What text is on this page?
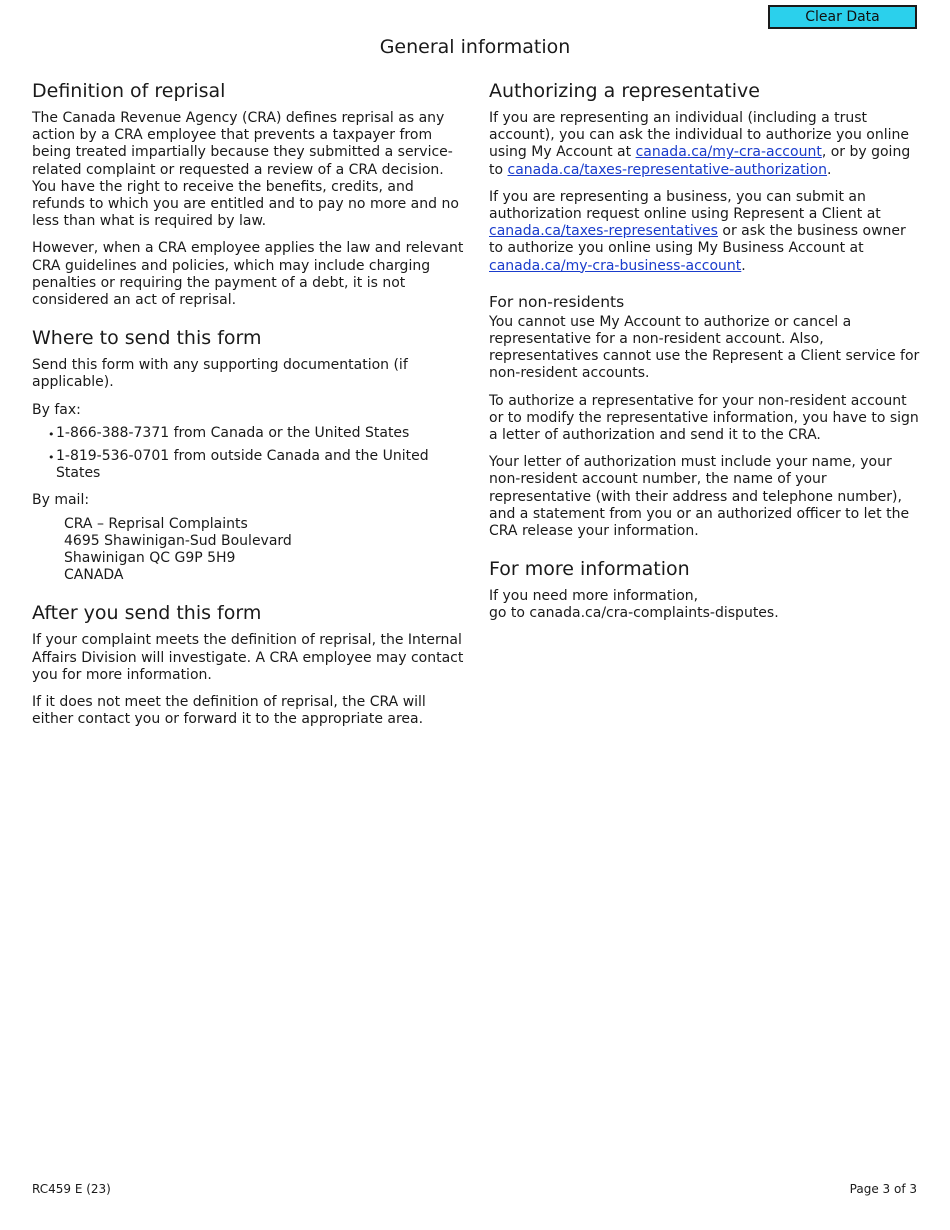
Clear Data
General information
Definition of reprisal

The Canada Revenue Agency (CRA) defines reprisal as any action by a CRA employee that prevents a taxpayer from being treated impartially because they submitted a service-related complaint or requested a review of a CRA decision. You have the right to receive the benefits, credits, and refunds to which you are entitled and to pay no more and no less than what is required by law.

However, when a CRA employee applies the law and relevant CRA guidelines and policies, which may include charging penalties or requiring the payment of a debt, it is not considered an act of reprisal.

Where to send this form

Send this form with any supporting documentation (if applicable).

By fax:

• 1-866-388-7371 from Canada or the United States
• 1-819-536-0701 from outside Canada and the United States

By mail:

CRA – Reprisal Complaints
4695 Shawinigan-Sud Boulevard
Shawinigan QC G9P 5H9
CANADA
After you send this form

If your complaint meets the definition of reprisal, the Internal Affairs Division will investigate. A CRA employee may contact you for more information.

If it does not meet the definition of reprisal, the CRA will either contact you or forward it to the appropriate area.

Authorizing a representative

If you are representing an individual (including a trust account), you can ask the individual to authorize you online using My Account at canada.ca/my-cra-account, or by going to canada.ca/taxes-representative-authorization.

If you are representing a business, you can submit an authorization request online using Represent a Client at canada.ca/taxes-representatives or ask the business owner to authorize you online using My Business Account at canada.ca/my-cra-business-account.

For non-residents

You cannot use My Account to authorize or cancel a representative for a non-resident account. Also, representatives cannot use the Represent a Client service for non-resident accounts.

To authorize a representative for your non-resident account or to modify the representative information, you have to sign a letter of authorization and send it to the CRA.

Your letter of authorization must include your name, your non-resident account number, the name of your representative (with their address and telephone number), and a statement from you or an authorized officer to let the CRA release your information.

For more information
If you need more information,
go to canada.ca/cra-complaints-disputes.
RC459 E (23)	Page 3 of 3
